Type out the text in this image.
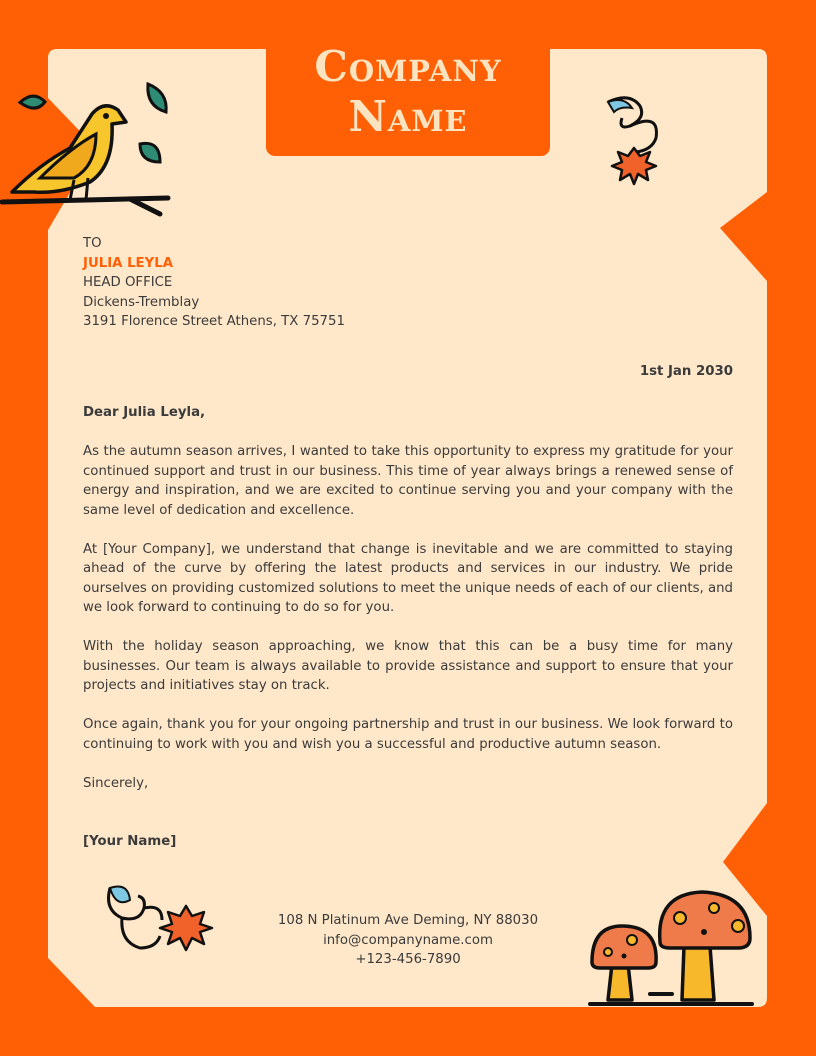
Company
Name
TO
JULIA LEYLA
HEAD OFFICE
Dickens-Tremblay
3191 Florence Street Athens, TX 75751
1st Jan 2030
Dear Julia Leyla,

As the autumn season arrives, I wanted to take this opportunity to express my gratitude for your continued support and trust in our business. This time of year always brings a renewed sense of energy and inspiration, and we are excited to continue serving you and your company with the same level of dedication and excellence.

At [Your Company], we understand that change is inevitable and we are committed to staying ahead of the curve by offering the latest products and services in our industry. We pride ourselves on providing customized solutions to meet the unique needs of each of our clients, and we look forward to continuing to do so for you.

With the holiday season approaching, we know that this can be a busy time for many businesses. Our team is always available to provide assistance and support to ensure that your projects and initiatives stay on track.

Once again, thank you for your ongoing partnership and trust in our business. We look forward to continuing to work with you and wish you a successful and productive autumn season.

Sincerely,
[Your Name]
108 N Platinum Ave Deming, NY 88030
info@companyname.com
+123-456-7890
